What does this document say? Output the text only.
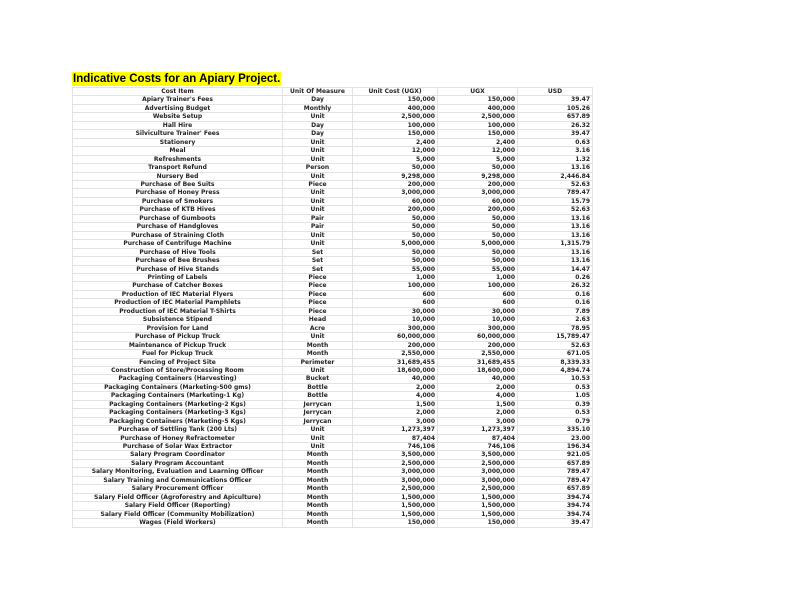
Indicative Costs for an Apiary Project.
Cost Item	Unit Of Measure	Unit Cost (UGX)	UGX	USD
Apiary Trainer's Fees	Day	150,000	150,000	39.47
Advertising Budget	Monthly	400,000	400,000	105.26
Website Setup	Unit	2,500,000	2,500,000	657.89
Hall Hire	Day	100,000	100,000	26.32
Silviculture Trainer' Fees	Day	150,000	150,000	39.47
Stationery	Unit	2,400	2,400	0.63
Meal	Unit	12,000	12,000	3.16
Refreshments	Unit	5,000	5,000	1.32
Transport Refund	Person	50,000	50,000	13.16
Nursery Bed	Unit	9,298,000	9,298,000	2,446.84
Purchase of Bee Suits	Piece	200,000	200,000	52.63
Purchase of Honey Press	Unit	3,000,000	3,000,000	789.47
Purchase of Smokers	Unit	60,000	60,000	15.79
Purchase of KTB Hives	Unit	200,000	200,000	52.63
Purchase of Gumboots	Pair	50,000	50,000	13.16
Purchase of Handgloves	Pair	50,000	50,000	13.16
Purchase of Straining Cloth	Unit	50,000	50,000	13.16
Purchase of Centrifuge Machine	Unit	5,000,000	5,000,000	1,315.79
Purchase of Hive Tools	Set	50,000	50,000	13.16
Purchase of Bee Brushes	Set	50,000	50,000	13.16
Purchase of Hive Stands	Set	55,000	55,000	14.47
Printing of Labels	Piece	1,000	1,000	0.26
Purchase of Catcher Boxes	Piece	100,000	100,000	26.32
Production of IEC Material Flyers	Piece	600	600	0.16
Production of IEC Material Pamphlets	Piece	600	600	0.16
Production of IEC Material T-Shirts	Piece	30,000	30,000	7.89
Subsistence Stipend	Head	10,000	10,000	2.63
Provision for Land	Acre	300,000	300,000	78.95
Purchase of Pickup Truck	Unit	60,000,000	60,000,000	15,789.47
Maintenance of Pickup Truck	Month	200,000	200,000	52.63
Fuel for Pickup Truck	Month	2,550,000	2,550,000	671.05
Fencing of Project Site	Perimeter	31,689,455	31,689,455	8,339.33
Construction of Store/Processing Room	Unit	18,600,000	18,600,000	4,894.74
Packaging Containers (Harvesting)	Bucket	40,000	40,000	10.53
Packaging Containers (Marketing-500 gms)	Bottle	2,000	2,000	0.53
Packaging Containers (Marketing-1 Kg)	Bottle	4,000	4,000	1.05
Packaging Containers (Marketing-2 Kgs)	Jerrycan	1,500	1,500	0.39
Packaging Containers (Marketing-3 Kgs)	Jerrycan	2,000	2,000	0.53
Packaging Containers (Marketing-5 Kgs)	Jerrycan	3,000	3,000	0.79
Purchase of Settling Tank (200 Lts)	Unit	1,273,397	1,273,397	335.10
Purchase of Honey Refractometer	Unit	87,404	87,404	23.00
Purchase of Solar Wax Extractor	Unit	746,106	746,106	196.34
Salary Program Coordinator	Month	3,500,000	3,500,000	921.05
Salary Program Accountant	Month	2,500,000	2,500,000	657.89
Salary Monitoring, Evaluation and Learning Officer	Month	3,000,000	3,000,000	789.47
Salary Training and Communications Officer	Month	3,000,000	3,000,000	789.47
Salary Procurement Officer	Month	2,500,000	2,500,000	657.89
Salary Field Officer (Agroforestry and Apiculture)	Month	1,500,000	1,500,000	394.74
Salary Field Officer (Reporting)	Month	1,500,000	1,500,000	394.74
Salary Field Officer (Community Mobilization)	Month	1,500,000	1,500,000	394.74
Wages (Field Workers)	Month	150,000	150,000	39.47
